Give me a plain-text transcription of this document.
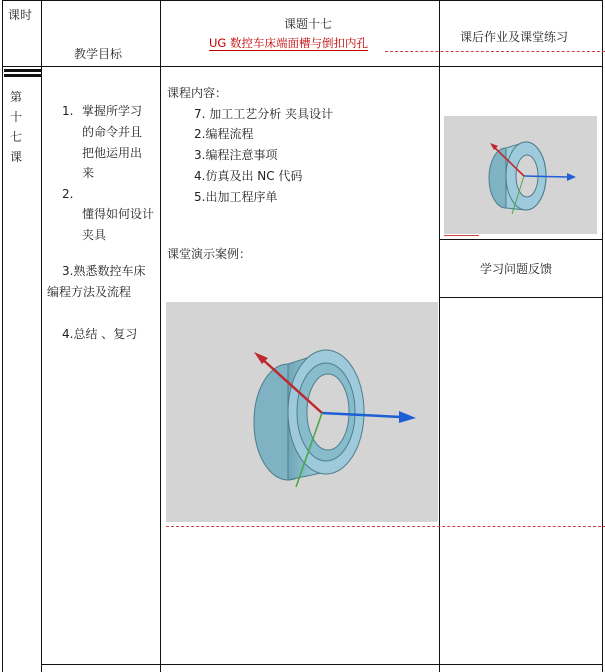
课时
教学目标
课题十七
UG 数控车床端面槽与倒扣内孔	课后作业及课堂练习
第
十
七
课
1. 掌握所学习
的命令并且
把他运用出
来
2.
懂得如何设计
夹具
3.熟悉数控车床
编程方法及流程
4.总结 、复习
课程内容：
7. 加工工艺分析 夹具设计
2.编程流程
3.编程注意事项
4.仿真及出 NC 代码
5.出加工程序单
课堂演示案例：
学习问题反馈
